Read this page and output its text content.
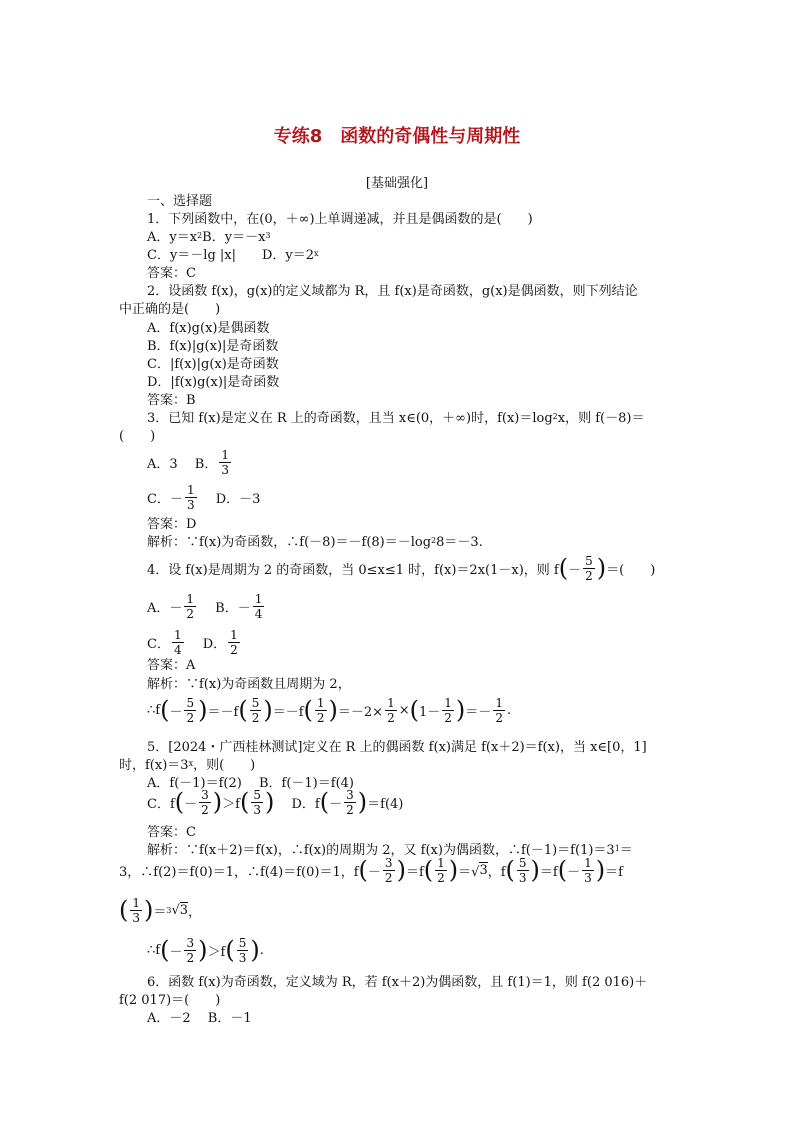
专练8　函数的奇偶性与周期性
[基础强化]
一、选择题
1．下列函数中，在(0，＋∞)上单调递减，并且是偶函数的是(　　)
A．y＝x 2 B．y＝－x 3
C．y＝－lg |x|　　D．y＝2 x
答案：C
2．设函数 f(x)，g(x)的定义域都为 R，且 f(x)是奇函数，g(x)是偶函数，则下列结论
中正确的是(　　)
A．f(x)g(x)是偶函数
B．f(x)|g(x)|是奇函数
C．|f(x)|g(x)是奇函数
D．|f(x)g(x)|是奇函数
答案：B
3．已知 f(x)是定义在 R 上的奇函数，且当 x∈(0，＋∞)时，f(x)＝log 2 x，则 f(－8)＝
(　　)
A．3　 B． $\frac{1}{3}$
C．－ $\frac{1}{3}$ 　 D．－3
答案：D
解析：∵f(x)为奇函数，∴f(－8)＝－f(8)＝－log 2 8＝－3.
4．设 f(x)是周期为 2 的奇函数，当 0≤x≤1 时，f(x)＝2x(1－x)，则 f ( － $\frac{5}{2}$ ) ＝(　　)
A．－ $\frac{1}{2}$ 　 B．－ $\frac{1}{4}$
C． $\frac{1}{4}$ 　 D． $\frac{1}{2}$
答案：A
解析：∵f(x)为奇函数且周期为 2，
∴f ( － $\frac{5}{2}$ ) ＝－f ( $\frac{5}{2}$ ) ＝－f ( $\frac{1}{2}$ ) $=-2\times \frac{1}{2}$ × ( $1- \frac{1}{2}$ ) ＝－ $\frac{1}{2}$ .
5．[2024・广西桂林测试]定义在 R 上的偶函数 f(x)满足 f(x＋2)＝f(x)，当 x∈[0，1]
时，f(x)＝3 x ，则(　　)
A．f(－1)＝f(2)　 B．f(－1)＝f(4)
C．f ( － $\frac{3}{2}$ ) ＞f ( $\frac{5}{3}$ ) 　 D．f ( － $\frac{3}{2}$ ) ＝f(4)
答案：C
解析：∵f(x＋2)＝f(x)，∴f(x)的周期为 2，又 f(x)为偶函数，∴f(－1)＝f(1)＝3 1 ＝
3，∴f(2)＝f(0)＝1，∴f(4)＝f(0)＝1，f ( － $\frac{3}{2}$ ) ＝f ( $\frac{1}{2}$ ) ＝√ 3 ，f ( $\frac{5}{3}$ ) ＝f ( － $\frac{1}{3}$ ) ＝f
( $\frac{1}{3}$ ) ＝ 3 √ 3 ，
∴f ( － $\frac{3}{2}$ ) ＞f ( $\frac{5}{3}$ ) .
6．函数 f(x)为奇函数，定义域为 R，若 f(x＋2)为偶函数，且 f(1)＝1，则 f(2 016)＋
f(2 017)＝(　　)
A．－2　 B．－1
